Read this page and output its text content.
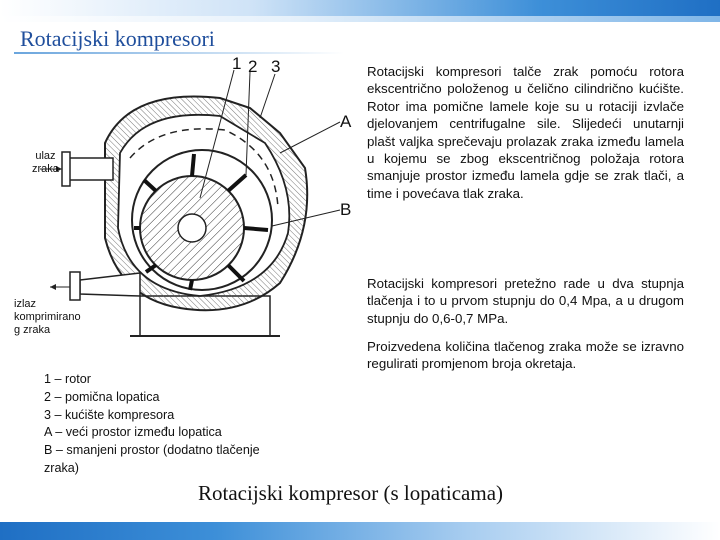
Rotacijski kompresori
1 2 3
A
B
ulaz
zraka
izlaz
komprimirano
g zraka
Rotacijski kompresori talče zrak pomoću rotora ekscentrično položenog u čelično cilindrično kućište. Rotor ima pomične lamele koje su u rotaciji izvlače djelovanjem centrifugalne sile. Slijedeći unutarnji plašt valjka sprečevaju prolazak zraka između lamela u kojemu se zbog ekscentričnog položaja rotora smanjuje prostor između lamela gdje se zrak tlači, a time i povećava tlak zraka.
Rotacijski kompresori pretežno rade u dva stupnja tlačenja i to u prvom stupnju do 0,4 Mpa, a u drugom stupnju do 0,6-0,7 MPa.
Proizvedena količina tlačenog zraka može se izravno regulirati promjenom broja okretaja.
1 – rotor
2 – pomična lopatica
3 – kućište kompresora
A – veći prostor između lopatica
B – smanjeni prostor (dodatno tlačenje
zraka)
Rotacijski kompresor (s lopaticama)
